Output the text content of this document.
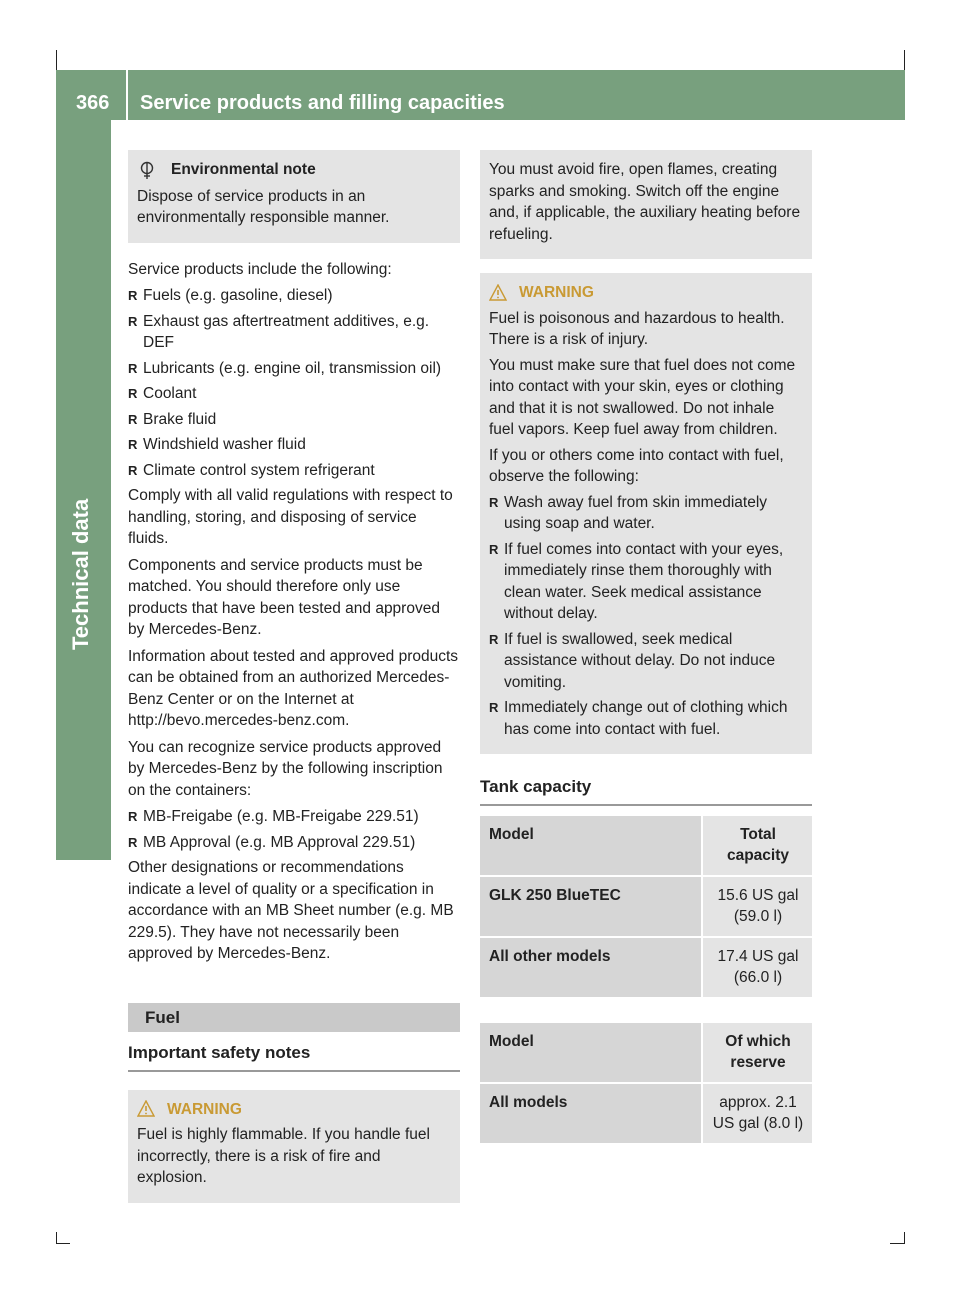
366 Service products and filling capacities
Technical data
Environmental note

Dispose of service products in an environmentally responsible manner.

Service products include the following:

R Fuels (e.g. gasoline, diesel)
R Exhaust gas aftertreatment additives, e.g. DEF
R Lubricants (e.g. engine oil, transmission oil)
R Coolant
R Brake fluid
R Windshield washer fluid
R Climate control system refrigerant

Comply with all valid regulations with respect to handling, storing, and disposing of service fluids.

Components and service products must be matched. You should therefore only use products that have been tested and approved by Mercedes-Benz.

Information about tested and approved products can be obtained from an authorized Mercedes-Benz Center or on the Internet at http://bevo.mercedes-benz.com.

You can recognize service products approved by Mercedes-Benz by the following inscription on the containers:

R MB-Freigabe (e.g. MB-Freigabe 229.51)
R MB Approval (e.g. MB Approval 229.51)

Other designations or recommendations indicate a level of quality or a specification in accordance with an MB Sheet number (e.g. MB 229.5). They have not necessarily been approved by Mercedes-Benz.

Fuel
Important safety notes
WARNING

Fuel is highly flammable. If you handle fuel incorrectly, there is a risk of fire and explosion.

You must avoid fire, open flames, creating sparks and smoking. Switch off the engine and, if applicable, the auxiliary heating before refueling.

WARNING

Fuel is poisonous and hazardous to health. There is a risk of injury.

You must make sure that fuel does not come into contact with your skin, eyes or clothing and that it is not swallowed. Do not inhale fuel vapors. Keep fuel away from children.

If you or others come into contact with fuel, observe the following:

R Wash away fuel from skin immediately using soap and water.
R If fuel comes into contact with your eyes, immediately rinse them thoroughly with clean water. Seek medical assistance without delay.
R If fuel is swallowed, seek medical assistance without delay. Do not induce vomiting.
R Immediately change out of clothing which has come into contact with fuel.
Tank capacity
Model	Total capacity
GLK 250 BlueTEC	15.6 US gal (59.0 l)
All other models	17.4 US gal (66.0 l)
Model	Of which reserve
All models	approx. 2.1 US gal (8.0 l)
